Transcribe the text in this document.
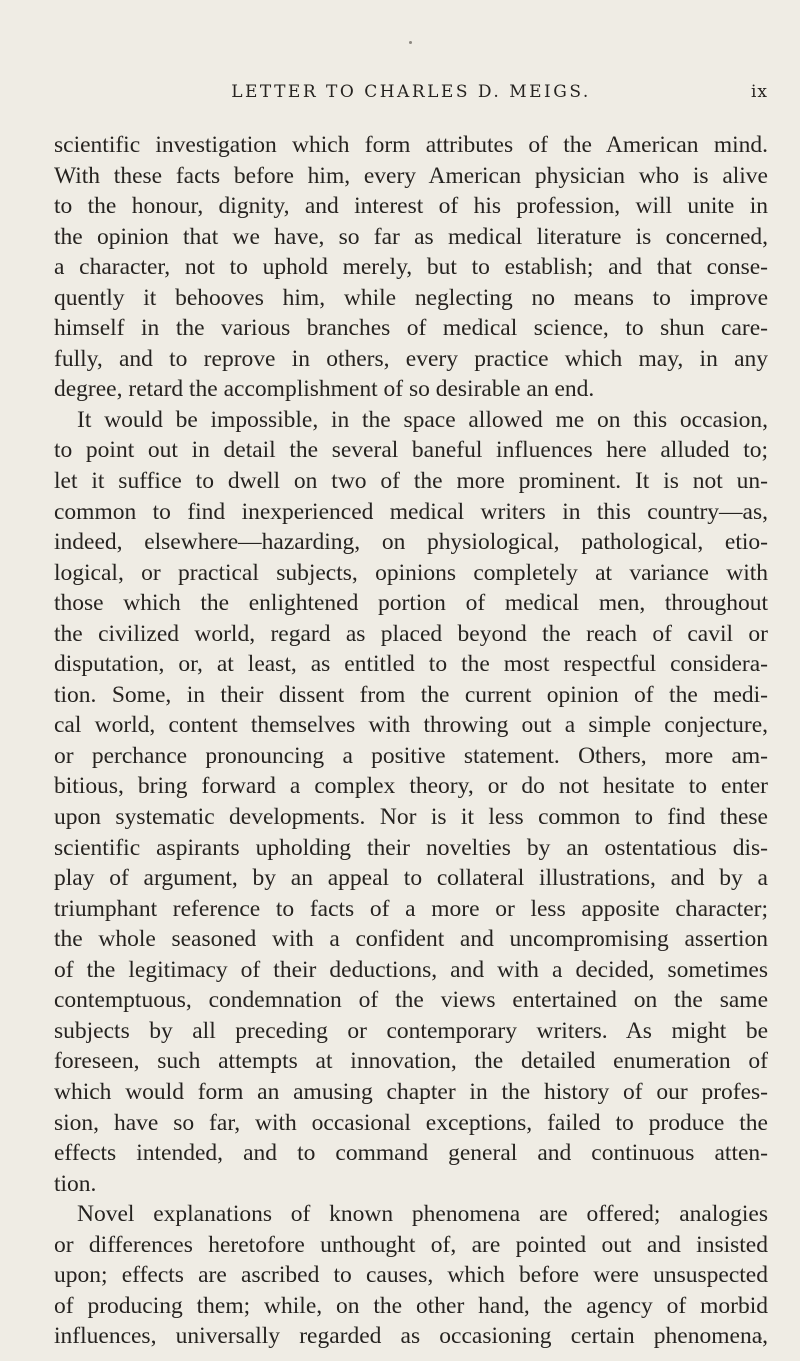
LETTER TO CHARLES D. MEIGS.	ix
scientific investigation which form attributes of the American mind.
With these facts before him, every American physician who is alive
to the honour, dignity, and interest of his profession, will unite in
the opinion that we have, so far as medical literature is concerned,
a character, not to uphold merely, but to establish; and that conse-
quently it behooves him, while neglecting no means to improve
himself in the various branches of medical science, to shun care-
fully, and to reprove in others, every practice which may, in any
degree, retard the accomplishment of so desirable an end.
It would be impossible, in the space allowed me on this occasion,
to point out in detail the several baneful influences here alluded to;
let it suffice to dwell on two of the more prominent. It is not un-
common to find inexperienced medical writers in this country—as,
indeed, elsewhere—hazarding, on physiological, pathological, etio-
logical, or practical subjects, opinions completely at variance with
those which the enlightened portion of medical men, throughout
the civilized world, regard as placed beyond the reach of cavil or
disputation, or, at least, as entitled to the most respectful considera-
tion. Some, in their dissent from the current opinion of the medi-
cal world, content themselves with throwing out a simple conjecture,
or perchance pronouncing a positive statement. Others, more am-
bitious, bring forward a complex theory, or do not hesitate to enter
upon systematic developments. Nor is it less common to find these
scientific aspirants upholding their novelties by an ostentatious dis-
play of argument, by an appeal to collateral illustrations, and by a
triumphant reference to facts of a more or less apposite character;
the whole seasoned with a confident and uncompromising assertion
of the legitimacy of their deductions, and with a decided, sometimes
contemptuous, condemnation of the views entertained on the same
subjects by all preceding or contemporary writers. As might be
foreseen, such attempts at innovation, the detailed enumeration of
which would form an amusing chapter in the history of our profes-
sion, have so far, with occasional exceptions, failed to produce the
effects intended, and to command general and continuous atten-
tion.
Novel explanations of known phenomena are offered; analogies
or differences heretofore unthought of, are pointed out and insisted
upon; effects are ascribed to causes, which before were unsuspected
of producing them; while, on the other hand, the agency of morbid
influences, universally regarded as occasioning certain phenomena,
